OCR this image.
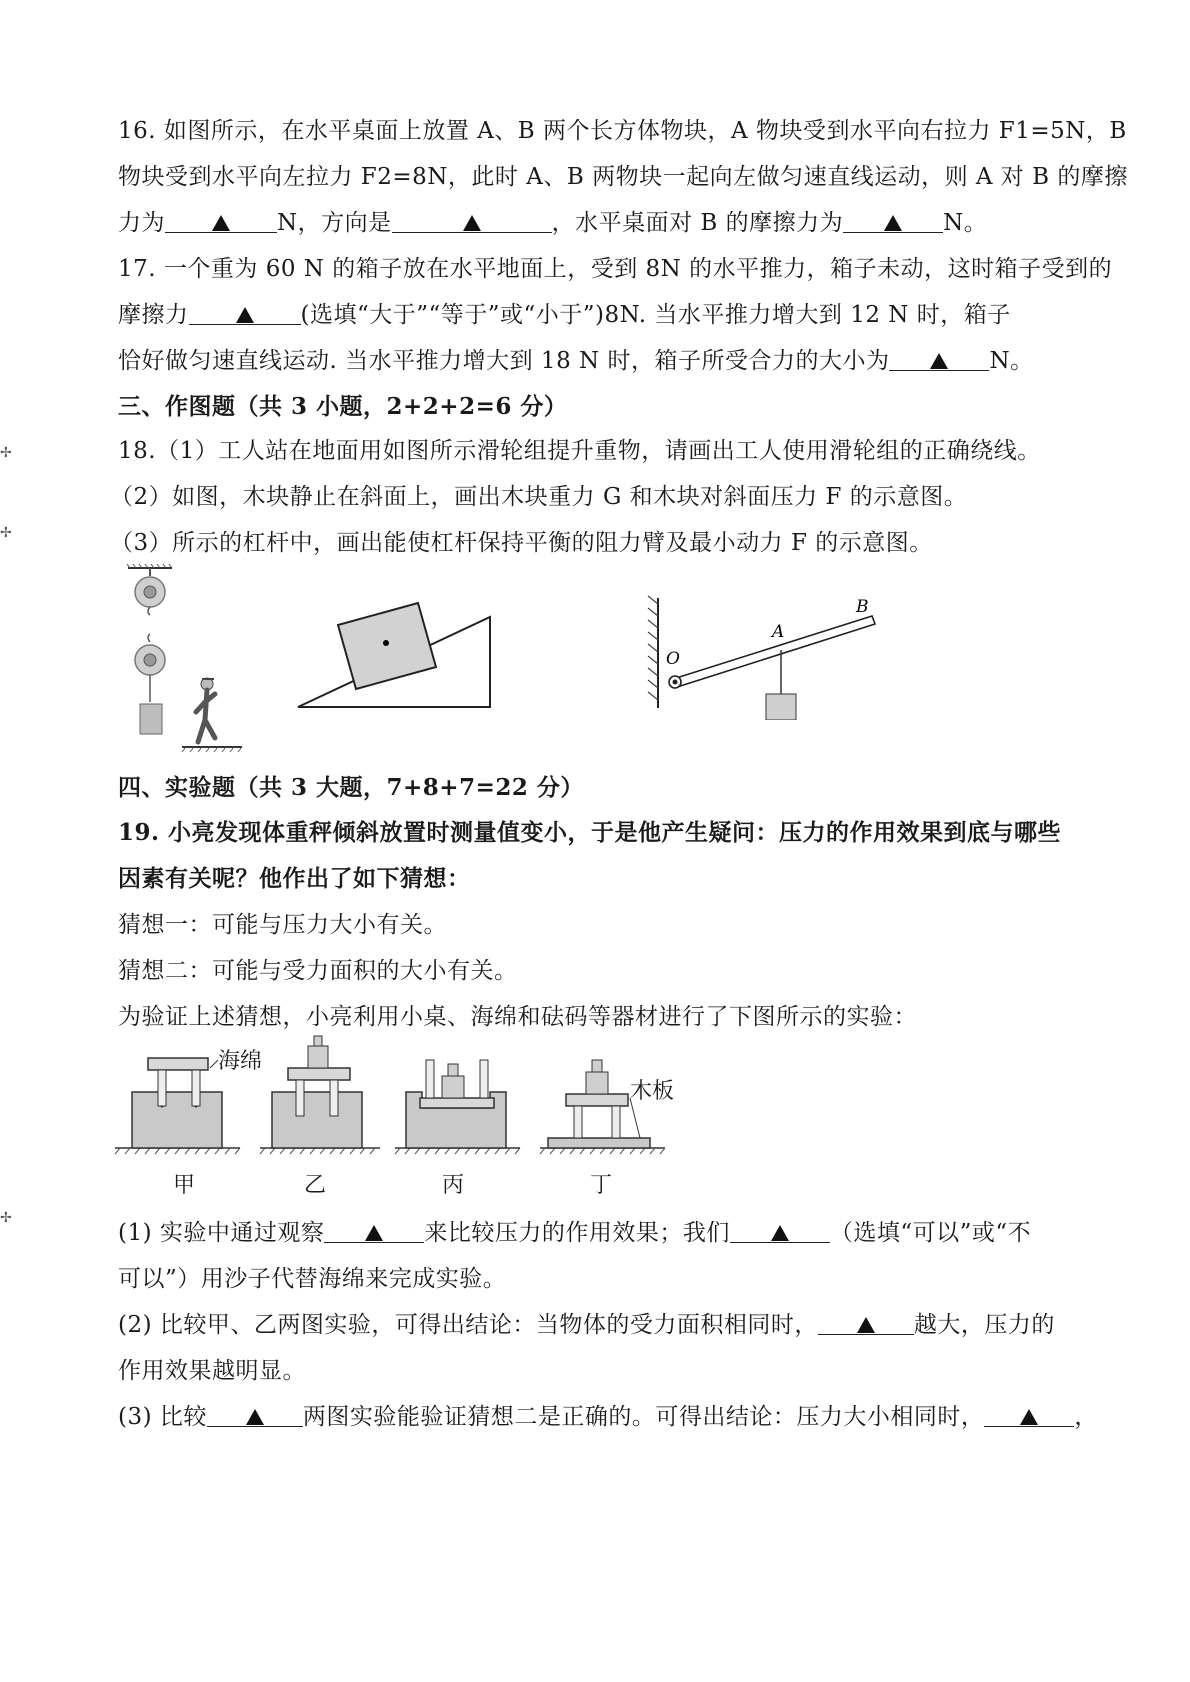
✢
✢
✢
16. 如图所示，在水平桌面上放置 A、B 两个长方体物块，A 物块受到水平向右拉力 F1=5N，B
物块受到水平向左拉力 F2=8N，此时 A、B 两物块一起向左做匀速直线运动，则 A 对 B 的摩擦
力为	N，方向是	，水平桌面对 B 的摩擦力为	N。
17. 一个重为 60 N 的箱子放在水平地面上，受到 8N 的水平推力，箱子未动，这时箱子受到的
摩擦力	(选填“大于”“等于”或“小于”)8N. 当水平推力增大到 12 N 时，箱子
恰好做匀速直线运动. 当水平推力增大到 18 N 时，箱子所受合力的大小为	N。
三、作图题（共 3 小题，2+2+2=6 分）
18.（1）工人站在地面用如图所示滑轮组提升重物，请画出工人使用滑轮组的正确绕线。
（2）如图，木块静止在斜面上，画出木块重力 G 和木块对斜面压力 F 的示意图。
（3）所示的杠杆中，画出能使杠杆保持平衡的阻力臂及最小动力 F 的示意图。
O
A
B
四、实验题（共 3 大题，7+8+7=22 分）
19. 小亮发现体重秤倾斜放置时测量值变小，于是他产生疑问：压力的作用效果到底与哪些
因素有关呢？他作出了如下猜想：
猜想一：可能与压力大小有关。
猜想二：可能与受力面积的大小有关。
为验证上述猜想，小亮利用小桌、海绵和砝码等器材进行了下图所示的实验：
海绵
木板
甲	乙	丙	丁
(1) 实验中通过观察	来比较压力的作用效果；我们	（选填“可以”或“不
可以”）用沙子代替海绵来完成实验。
(2) 比较甲、乙两图实验，可得出结论：当物体的受力面积相同时，	越大，压力的
作用效果越明显。
(3) 比较	两图实验能验证猜想二是正确的。可得出结论：压力大小相同时，	，
